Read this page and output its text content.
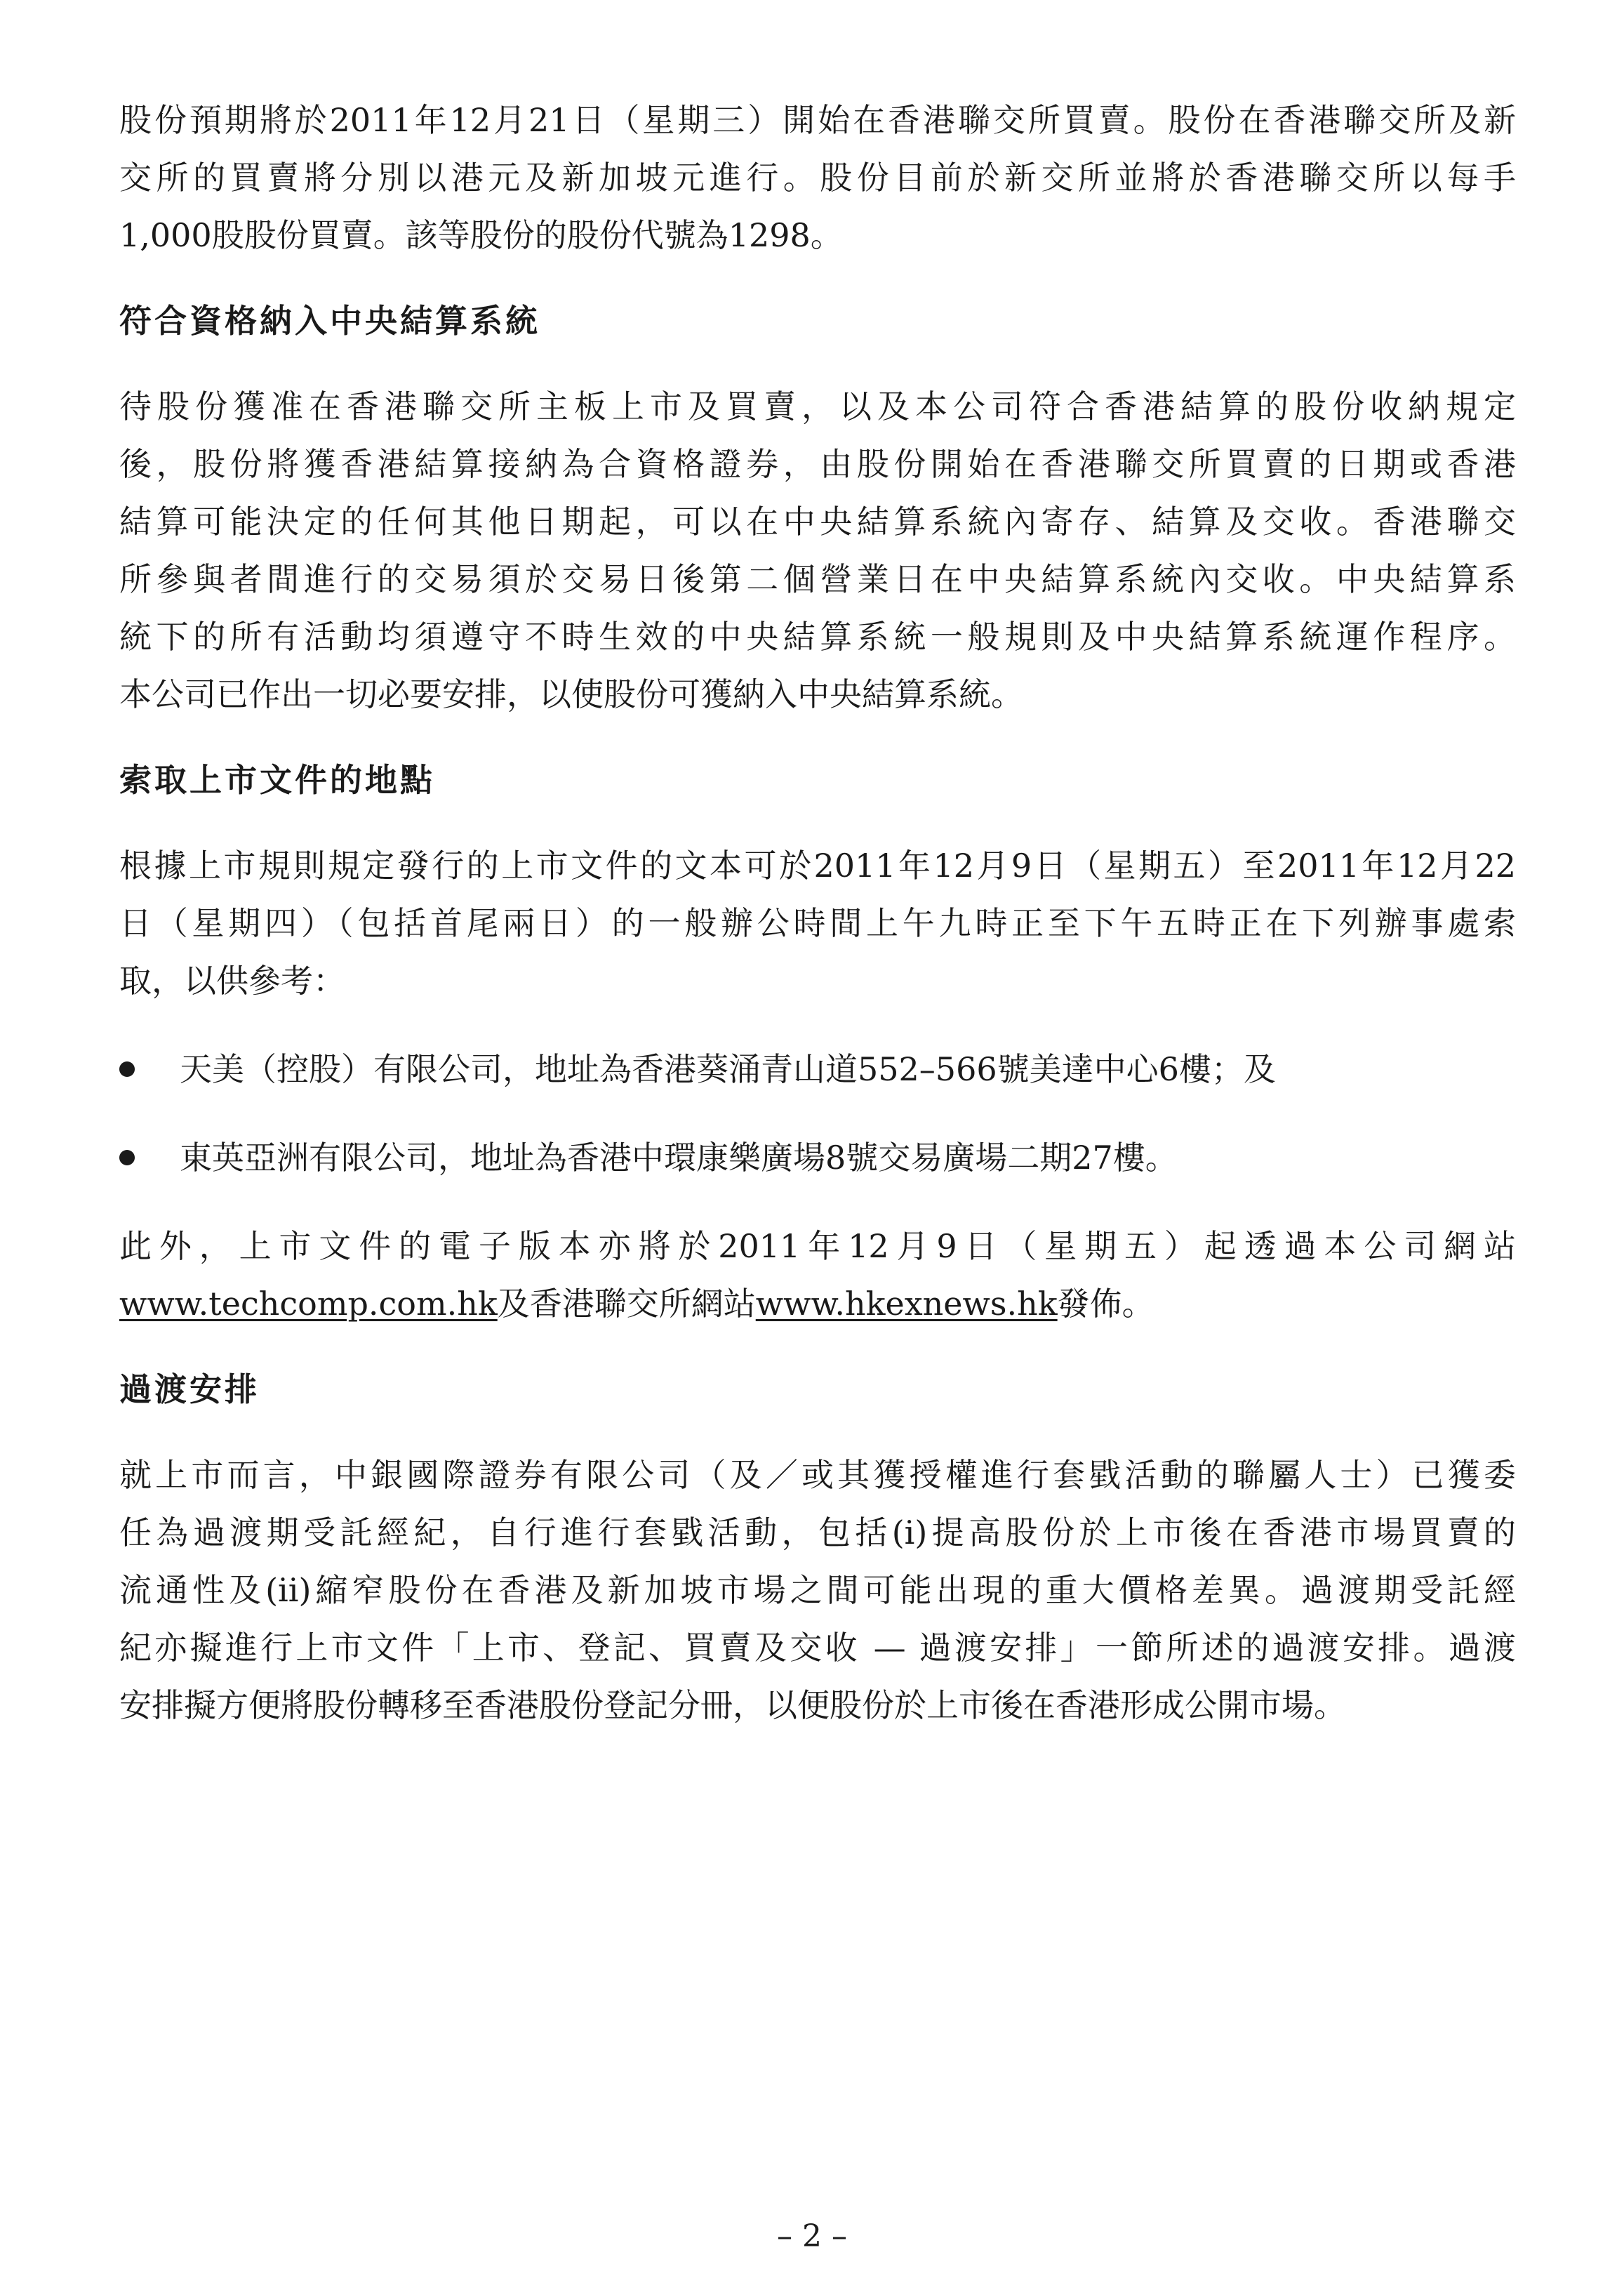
股份預期將於2011年12月21日（星期三）開始在香港聯交所買賣。股份在香港聯交所及新
交所的買賣將分別以港元及新加坡元進行。股份目前於新交所並將於香港聯交所以每手
1,000股股份買賣。該等股份的股份代號為1298。

符合資格納入中央結算系統

待股份獲准在香港聯交所主板上市及買賣，以及本公司符合香港結算的股份收納規定
後，股份將獲香港結算接納為合資格證券，由股份開始在香港聯交所買賣的日期或香港
結算可能決定的任何其他日期起，可以在中央結算系統內寄存、結算及交收。香港聯交
所參與者間進行的交易須於交易日後第二個營業日在中央結算系統內交收。中央結算系
統下的所有活動均須遵守不時生效的中央結算系統一般規則及中央結算系統運作程序。
本公司已作出一切必要安排，以使股份可獲納入中央結算系統。

索取上市文件的地點

根據上市規則規定發行的上市文件的文本可於2011年12月9日（星期五）至2011年12月22
日（星期四）（包括首尾兩日）的一般辦公時間上午九時正至下午五時正在下列辦事處索
取，以供參考：

天美（控股）有限公司，地址為香港葵涌青山道552–566號美達中心6樓；及
東英亞洲有限公司，地址為香港中環康樂廣場8號交易廣場二期27樓。

此外，上市文件的電子版本亦將於2011年12月9日（星期五）起透過本公司網站
www.techcomp.com.hk及香港聯交所網站www.hkexnews.hk發佈。

過渡安排

就上市而言，中銀國際證券有限公司（及／或其獲授權進行套戥活動的聯屬人士）已獲委
任為過渡期受託經紀，自行進行套戥活動，包括(i)提高股份於上市後在香港市場買賣的
流通性及(ii)縮窄股份在香港及新加坡市場之間可能出現的重大價格差異。過渡期受託經
紀亦擬進行上市文件「上市、登記、買賣及交收 — 過渡安排」一節所述的過渡安排。過渡
安排擬方便將股份轉移至香港股份登記分冊，以便股份於上市後在香港形成公開市場。

– 2 –
